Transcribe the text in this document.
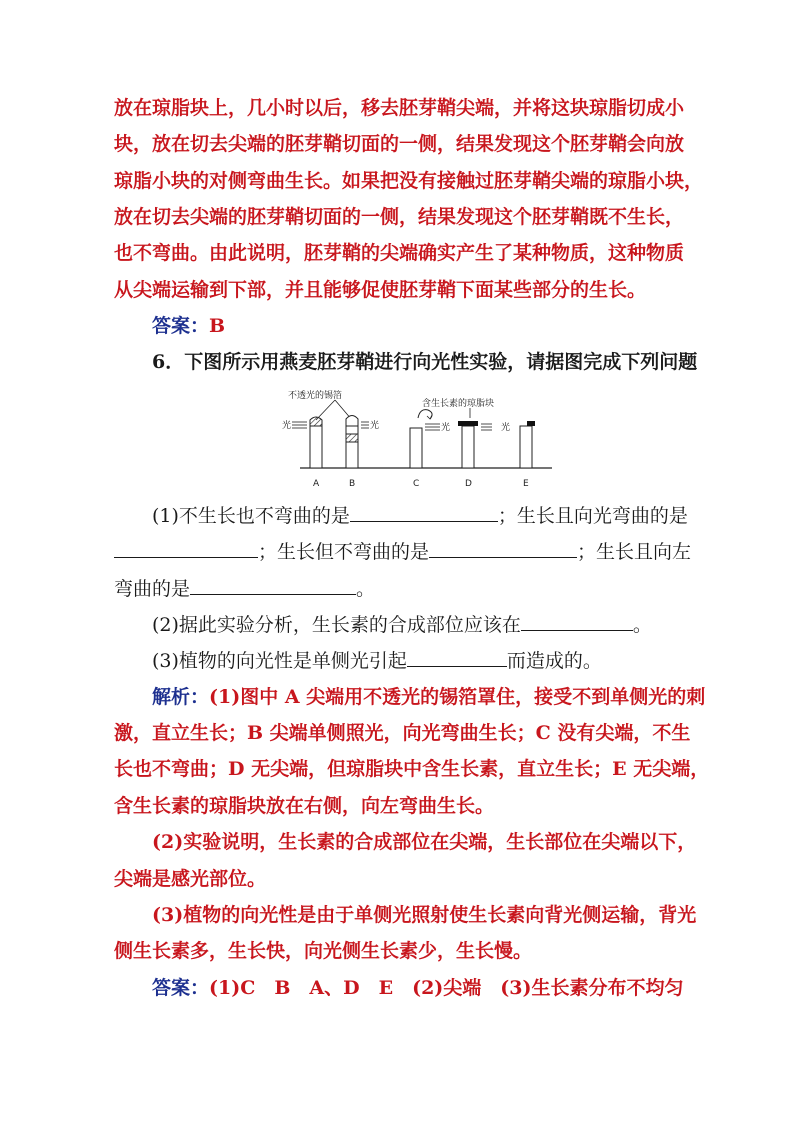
放在琼脂块上，几小时以后，移去胚芽鞘尖端，并将这块琼脂切成小
块，放在切去尖端的胚芽鞘切面的一侧，结果发现这个胚芽鞘会向放
琼脂小块的对侧弯曲生长。如果把没有接触过胚芽鞘尖端的琼脂小块，
放在切去尖端的胚芽鞘切面的一侧，结果发现这个胚芽鞘既不生长，
也不弯曲。由此说明，胚芽鞘的尖端确实产生了某种物质，这种物质
从尖端运输到下部，并且能够促使胚芽鞘下面某些部分的生长。
答案：B
6．下图所示用燕麦胚芽鞘进行向光性实验，请据图完成下列问题
不透光的锡箔
含生长素的琼脂块
光	光	光	光
A	B	C	D	E
(1)不生长也不弯曲的是	；生长且向光弯曲的是
；生长但不弯曲的是	；生长且向左
弯曲的是	。
(2)据此实验分析，生长素的合成部位应该在	。
(3)植物的向光性是单侧光引起	而造成的。
解析：(1)图中 A 尖端用不透光的锡箔罩住，接受不到单侧光的刺
激，直立生长；B 尖端单侧照光，向光弯曲生长；C 没有尖端，不生
长也不弯曲；D 无尖端，但琼脂块中含生长素，直立生长；E 无尖端，
含生长素的琼脂块放在右侧，向左弯曲生长。
(2)实验说明，生长素的合成部位在尖端，生长部位在尖端以下，
尖端是感光部位。
(3)植物的向光性是由于单侧光照射使生长素向背光侧运输，背光
侧生长素多，生长快，向光侧生长素少，生长慢。
答案：(1)C　B　A、D　E　(2)尖端　(3)生长素分布不均匀
